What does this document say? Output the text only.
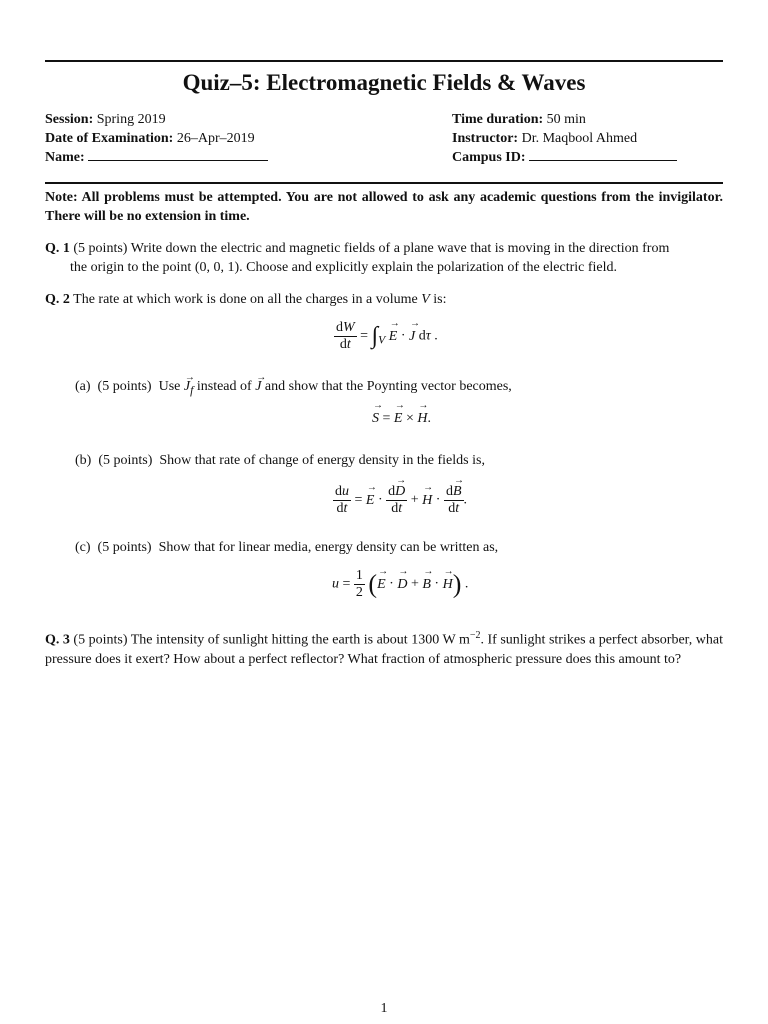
Quiz–5: Electromagnetic Fields & Waves
Session: Spring 2019
Date of Examination: 26–Apr–2019
Name:
Time duration: 50 min
Instructor: Dr. Maqbool Ahmed
Campus ID:
Note: All problems must be attempted. You are not allowed to ask any academic questions from the invigilator. There will be no extension in time.
Q. 1 (5 points) Write down the electric and magnetic fields of a plane wave that is moving in the direction from
the origin to the point (0, 0, 1). Choose and explicitly explain the polarization of the electric field.
Q. 2 The rate at which work is done on all the charges in a volume V is:
$\frac{dW}{dt} = \int_V \to E$ · → J dτ .
(a) (5 points) Use → $J_f$ instead of → J and show that the Poynting vector becomes,
→ S = → E × → H.
(b) (5 points) Show that rate of change of energy density in the fields is,
$\frac{du}{dt}$ = → $E \cdot \frac{d\to D}{dt}$ + → $H \cdot \frac{d\to B}{dt}$ .
(c) (5 points) Show that for linear media, energy density can be written as,
$u = \frac{1}{2}$ (→ E · → D + → B · → H) .
Q. 3 (5 points) The intensity of sunlight hitting the earth is about 1300 W $m^{-2}$. If sunlight strikes a perfect absorber, what pressure does it exert? How about a perfect reflector? What fraction of atmospheric pressure does this amount to?
1
